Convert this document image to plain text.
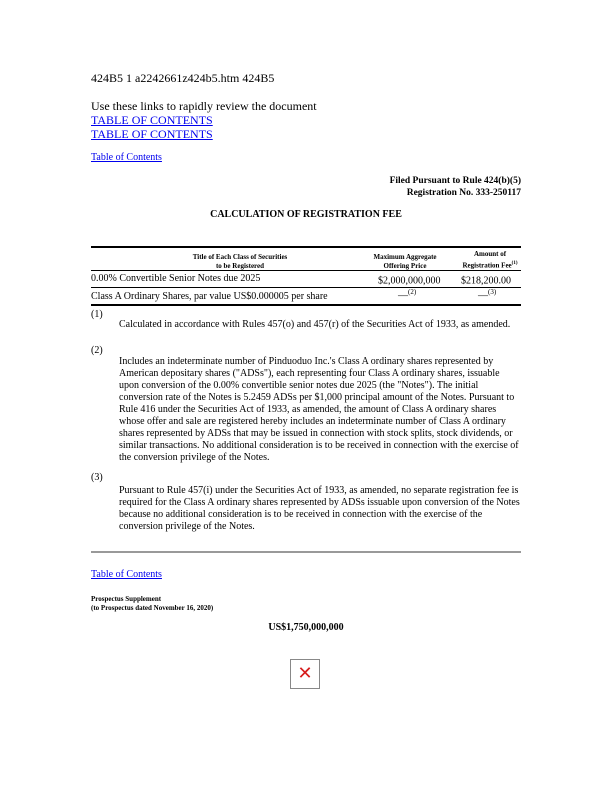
424B5 1 a2242661z424b5.htm 424B5
Use these links to rapidly review the document
TABLE OF CONTENTS
TABLE OF CONTENTS
Table of Contents
Filed Pursuant to Rule 424(b)(5)
Registration No. 333-250117
CALCULATION OF REGISTRATION FEE
Title of Each Class of Securities
to be Registered
Maximum Aggregate
Offering Price
Amount of
Registration Fee$^{(1)}$
0.00% Convertible Senior Notes due 2025	$2,000,000,000 $218,200.00
Class A Ordinary Shares, par value US$0.000005 per share	—$^{(2)}$	—$^{(3)}$
(1)
Calculated in accordance with Rules 457(o) and 457(r) of the Securities Act of 1933, as amended.
(2)
Includes an indeterminate number of Pinduoduo Inc.'s Class A ordinary shares represented by American depositary shares ("ADSs"), each representing four Class A ordinary shares, issuable upon conversion of the 0.00% convertible senior notes due 2025 (the "Notes"). The initial conversion rate of the Notes is 5.2459 ADSs per $1,000 principal amount of the Notes. Pursuant to Rule 416 under the Securities Act of 1933, as amended, the amount of Class A ordinary shares whose offer and sale are registered hereby includes an indeterminate number of Class A ordinary shares represented by ADSs that may be issued in connection with stock splits, stock dividends, or similar transactions. No additional consideration is to be received in connection with the exercise of the conversion privilege of the Notes.
(3)
Pursuant to Rule 457(i) under the Securities Act of 1933, as amended, no separate registration fee is required for the Class A ordinary shares represented by ADSs issuable upon conversion of the Notes because no additional consideration is to be received in connection with the exercise of the conversion privilege of the Notes.
Table of Contents
Prospectus Supplement
(to Prospectus dated November 16, 2020)
US$1,750,000,000
✕
